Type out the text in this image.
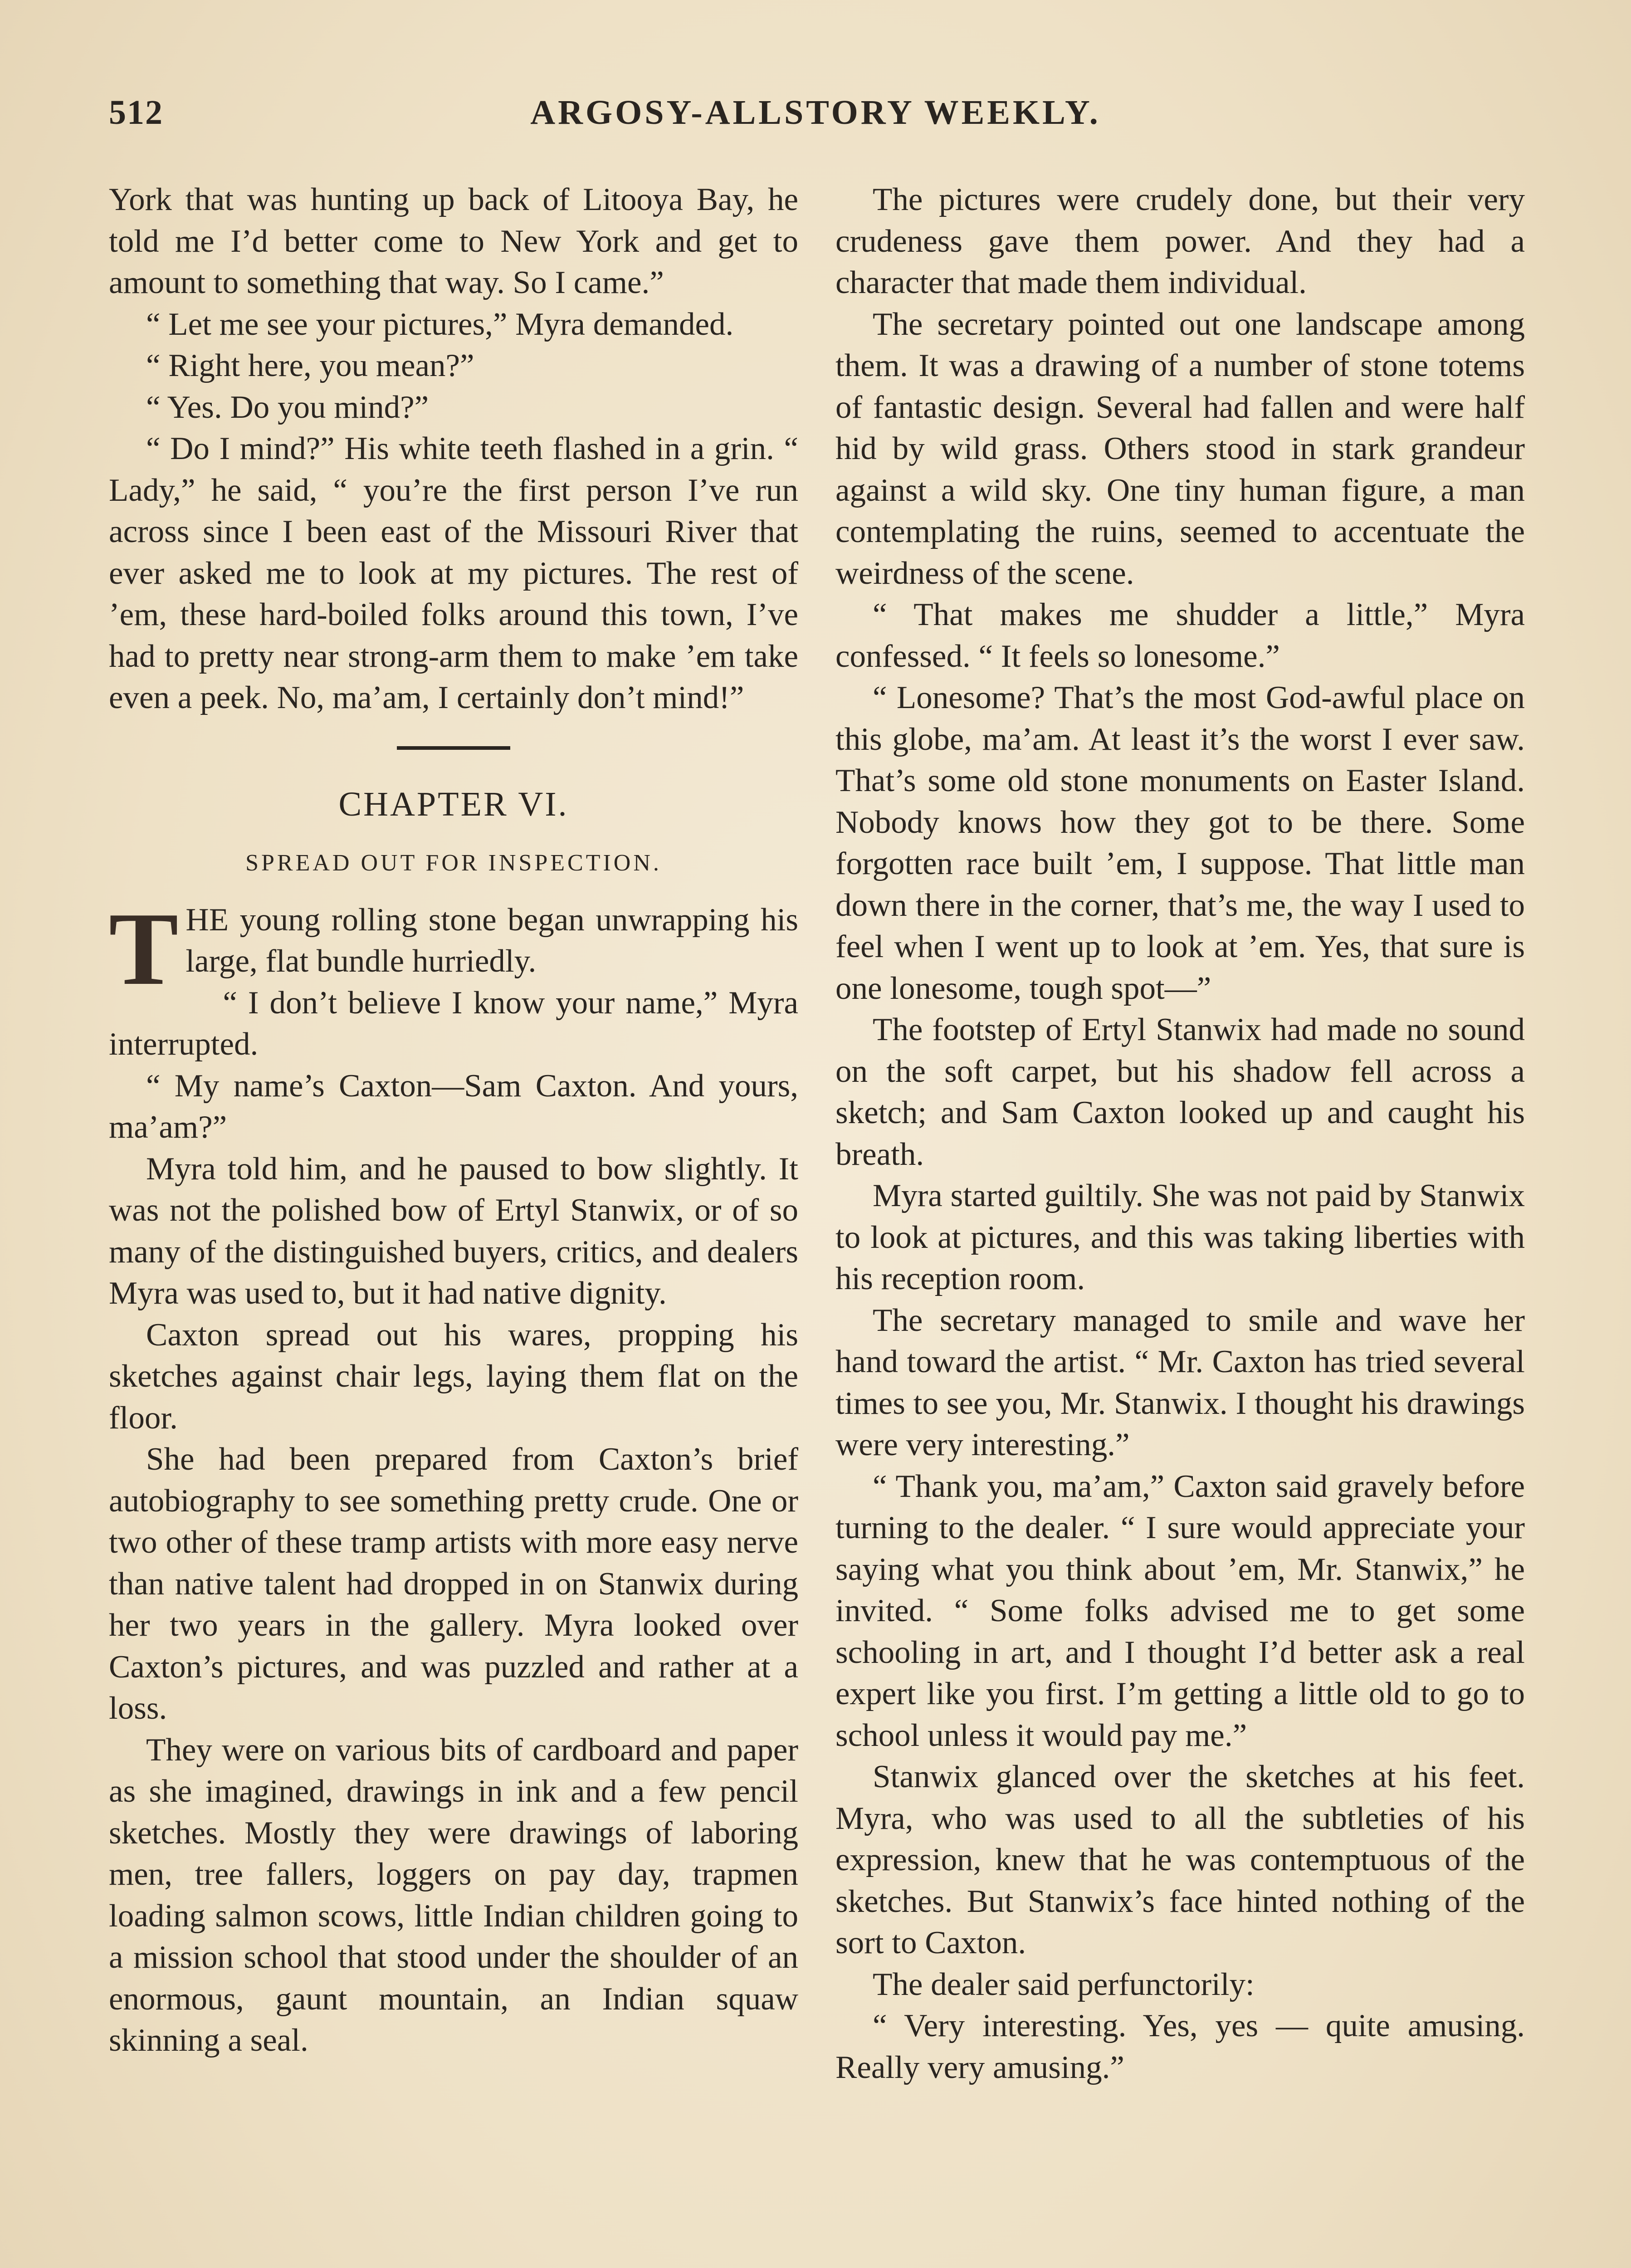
512	ARGOSY-ALLSTORY WEEKLY.

York that was hunting up back of Litooya Bay, he told me I’d better come to New York and get to amount to something that way. So I came.”

“ Let me see your pictures,” Myra demanded.

“ Right here, you mean?”

“ Yes. Do you mind?”

“ Do I mind?” His white teeth flashed in a grin. “ Lady,” he said, “ you’re the first person I’ve run across since I been east of the Missouri River that ever asked me to look at my pictures. The rest of ’em, these hard-boiled folks around this town, I’ve had to pretty near strong-arm them to make ’em take even a peek. No, ma’am, I certainly don’t mind!”

CHAPTER VI.
SPREAD OUT FOR INSPECTION.

THE young rolling stone began unwrapping his large, flat bundle hurriedly.

“ I don’t believe I know your name,” Myra interrupted.

“ My name’s Caxton—Sam Caxton. And yours, ma’am?”

Myra told him, and he paused to bow slightly. It was not the polished bow of Ertyl Stanwix, or of so many of the distinguished buyers, critics, and dealers Myra was used to, but it had native dignity.

Caxton spread out his wares, propping his sketches against chair legs, laying them flat on the floor.

She had been prepared from Caxton’s brief autobiography to see something pretty crude. One or two other of these tramp artists with more easy nerve than native talent had dropped in on Stanwix during her two years in the gallery. Myra looked over Caxton’s pictures, and was puzzled and rather at a loss.

They were on various bits of cardboard and paper as she imagined, drawings in ink and a few pencil sketches. Mostly they were drawings of laboring men, tree fallers, loggers on pay day, trapmen loading salmon scows, little Indian children going to a mission school that stood under the shoulder of an enormous, gaunt mountain, an Indian squaw skinning a seal.

The pictures were crudely done, but their very crudeness gave them power. And they had a character that made them individual.

The secretary pointed out one landscape among them. It was a drawing of a number of stone totems of fantastic design. Several had fallen and were half hid by wild grass. Others stood in stark grandeur against a wild sky. One tiny human figure, a man contemplating the ruins, seemed to accentuate the weirdness of the scene.

“ That makes me shudder a little,” Myra confessed. “ It feels so lonesome.”

“ Lonesome? That’s the most God-awful place on this globe, ma’am. At least it’s the worst I ever saw. That’s some old stone monuments on Easter Island. Nobody knows how they got to be there. Some forgotten race built ’em, I suppose. That little man down there in the corner, that’s me, the way I used to feel when I went up to look at ’em. Yes, that sure is one lonesome, tough spot—”

The footstep of Ertyl Stanwix had made no sound on the soft carpet, but his shadow fell across a sketch; and Sam Caxton looked up and caught his breath.

Myra started guiltily. She was not paid by Stanwix to look at pictures, and this was taking liberties with his reception room.

The secretary managed to smile and wave her hand toward the artist. “ Mr. Caxton has tried several times to see you, Mr. Stanwix. I thought his drawings were very interesting.”

“ Thank you, ma’am,” Caxton said gravely before turning to the dealer. “ I sure would appreciate your saying what you think about ’em, Mr. Stanwix,” he invited. “ Some folks advised me to get some schooling in art, and I thought I’d better ask a real expert like you first. I’m getting a little old to go to school unless it would pay me.”

Stanwix glanced over the sketches at his feet. Myra, who was used to all the subtleties of his expression, knew that he was contemptuous of the sketches. But Stanwix’s face hinted nothing of the sort to Caxton.

The dealer said perfunctorily:

“ Very interesting. Yes, yes — quite amusing. Really very amusing.”
